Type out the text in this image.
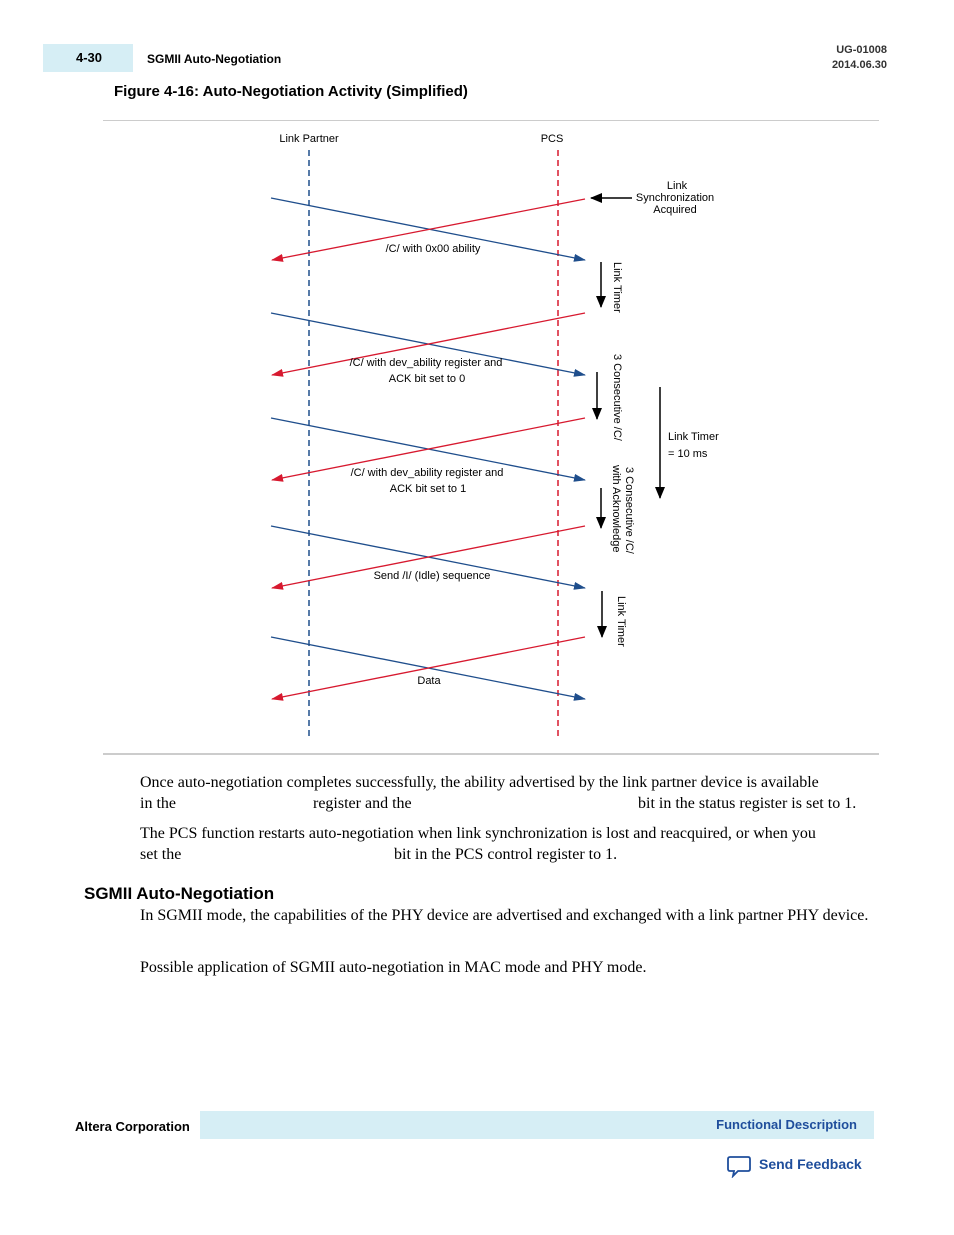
4-30	SGMII Auto-Negotiation
UG-01008
2014.06.30
Figure 4-16: Auto-Negotiation Activity (Simplified)
Link Partner	PCS
Link
Synchronization
Acquired
/C/ with 0x00 ability
Link Timer
/C/ with dev_ability register and
ACK bit set to 0	3 Consecutive /C/	Link Timer
= 10 ms
/C/ with dev_ability register and
ACK bit set to 1	3 Consecutive /C/
with Acknowledge
Send /I/ (Idle) sequence
Link Timer
Data
Once auto-negotiation completes successfully, the ability advertised by the link partner device is available
in the	register and the	bit in the status register is set to 1.
The PCS function restarts auto-negotiation when link synchronization is lost and reacquired, or when you
set the	bit in the PCS control register to 1.
SGMII Auto-Negotiation
In SGMII mode, the capabilities of the PHY device are advertised and exchanged with a link partner PHY device.
Possible application of SGMII auto-negotiation in MAC mode and PHY mode.
Altera Corporation	Functional Description
Send Feedback
